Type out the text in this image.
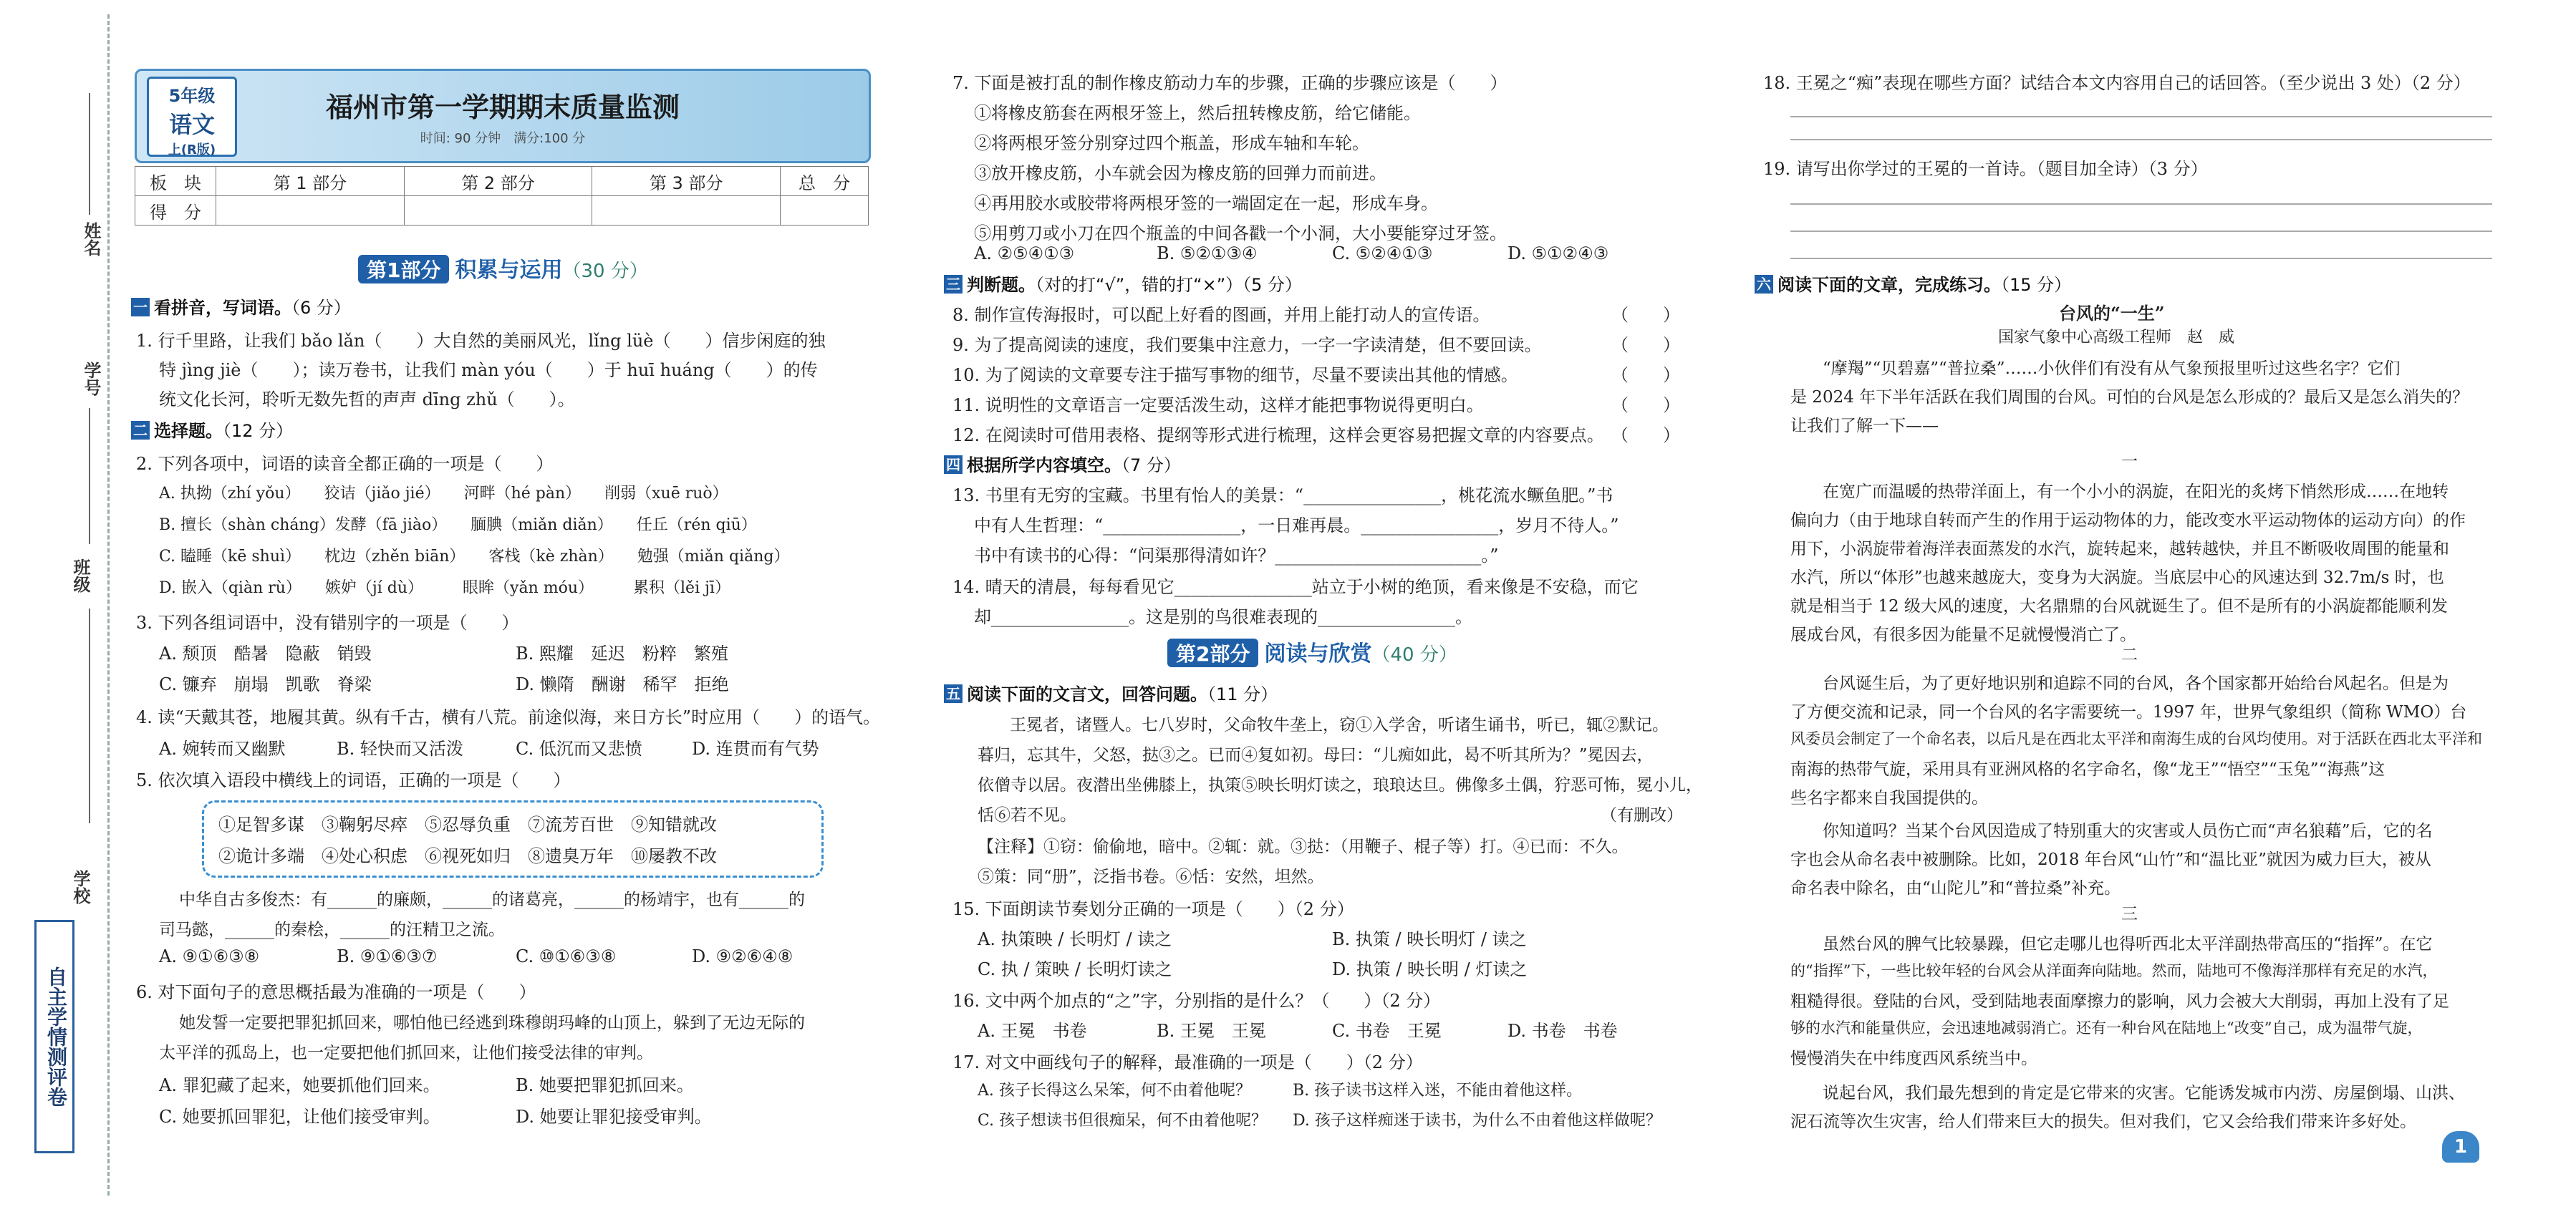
姓名
学号
班级
学校
自主学情测评卷
5年级
语文
上(R版)
福州市第一学期期末质量监测
时间: 90 分钟　满分:100 分
板　块	第 1 部分	第 2 部分	第 3 部分	总　分
得　分				
第1部分 积累与运用（30 分）
一 看拼音，写词语。（6 分）
1. 行千里路，让我们 bǎo lǎn（　　）大自然的美丽风光，lǐng lüè（　　）信步闲庭的独
特 jìng jiè（　　）；读万卷书，让我们 màn yóu（　　）于 huī huáng（　　）的传
统文化长河，聆听无数先哲的声声 dīng zhǔ（　　）。
二 选择题。（12 分）
2. 下列各项中，词语的读音全都正确的一项是（　　）
A. 执拗（zhí yǒu）　　狡诘（jiǎo jié）　　河畔（hé pàn）　　削弱（xuē ruò）
B. 擅长（shàn cháng）发酵（fā jiào）　　腼腆（miǎn diǎn）　　任丘（rén qiū）
C. 瞌睡（kē shuì）　　枕边（zhěn biān）　　客栈（kè zhàn）　　勉强（miǎn qiǎng）
D. 嵌入（qiàn rù）　　嫉妒（jí dù）　　　眼眸（yǎn móu）　　　累积（lěi jī）
3. 下列各组词语中，没有错别字的一项是（　　）
A. 颓顶　酷暑　隐蔽　销毁	B. 熙耀　延迟　粉粹　繁殖
C. 镰弃　崩塌　凯歌　脊梁	D. 懒隋　酬谢　稀罕　拒绝
4. 读“天戴其苍，地履其黄。纵有千古，横有八荒。前途似海，来日方长”时应用（　　）的语气。
A. 婉转而又幽默	B. 轻快而又活泼	C. 低沉而又悲愤	D. 连贯而有气势
5. 依次填入语段中横线上的词语，正确的一项是（　　）
①足智多谋　③鞠躬尽瘁　⑤忍辱负重　⑦流芳百世　⑨知错就改
②诡计多端　④处心积虑　⑥视死如归　⑧遗臭万年　⑩屡教不改
中华自古多俊杰：有______的廉颇，______的诸葛亮，______的杨靖宇，也有______的
司马懿，______的秦桧，______的汪精卫之流。
A. ⑨①⑥③⑧	B. ⑨①⑥③⑦	C. ⑩①⑥③⑧	D. ⑨②⑥④⑧
6. 对下面句子的意思概括最为准确的一项是（　　）
她发誓一定要把罪犯抓回来，哪怕他已经逃到珠穆朗玛峰的山顶上，躲到了无边无际的
太平洋的孤岛上，也一定要把他们抓回来，让他们接受法律的审判。
A. 罪犯藏了起来，她要抓他们回来。	B. 她要把罪犯抓回来。
C. 她要抓回罪犯，让他们接受审判。	D. 她要让罪犯接受审判。
7. 下面是被打乱的制作橡皮筋动力车的步骤，正确的步骤应该是（　　）
①将橡皮筋套在两根牙签上，然后扭转橡皮筋，给它储能。
②将两根牙签分别穿过四个瓶盖，形成车轴和车轮。
③放开橡皮筋，小车就会因为橡皮筋的回弹力而前进。
④再用胶水或胶带将两根牙签的一端固定在一起，形成车身。
⑤用剪刀或小刀在四个瓶盖的中间各戳一个小洞，大小要能穿过牙签。
A. ②⑤④①③	B. ⑤②①③④	C. ⑤②④①③	D. ⑤①②④③
三 判断题。（对的打“√”，错的打“×”）（5 分）
8. 制作宣传海报时，可以配上好看的图画，并用上能打动人的宣传语。	（　　）
9. 为了提高阅读的速度，我们要集中注意力，一字一字读清楚，但不要回读。	（　　）
10. 为了阅读的文章要专注于描写事物的细节，尽量不要读出其他的情感。	（　　）
11. 说明性的文章语言一定要活泼生动，这样才能把事物说得更明白。	（　　）
12. 在阅读时可借用表格、提纲等形式进行梳理，这样会更容易把握文章的内容要点。 （　　）
四 根据所学内容填空。（7 分）
13. 书里有无穷的宝藏。书里有怡人的美景：“________________，桃花流水鳜鱼肥。”书
中有人生哲理：“________________，一日难再晨。________________，岁月不待人。”
书中有读书的心得：“问渠那得清如许？________________________。”
14. 晴天的清晨，每每看见它________________站立于小树的绝顶，看来像是不安稳，而它
却________________。这是别的鸟很难表现的________________。
第2部分 阅读与欣赏（40 分）
五 阅读下面的文言文，回答问题。（11 分）
王冕者，诸暨人。七八岁时，父命牧牛垄上，窃①入学舍，听诸生诵书，听已，辄②默记。
暮归，忘其牛，父怒，挞③之。已而④复如初。母曰：“儿痴如此，曷不听其所为？”冕因去，
依僧寺以居。夜潜出坐佛膝上，执策⑤映长明灯读之，琅琅达旦。佛像多土偶，狞恶可怖，冕小儿，
恬⑥若不见。	（有删改）
【注释】①窃：偷偷地，暗中。②辄：就。③挞：（用鞭子、棍子等）打。④已而：不久。
⑤策：同“册”，泛指书卷。⑥恬：安然，坦然。
15. 下面朗读节奏划分正确的一项是（　　）（2 分）
A. 执策映 / 长明灯 / 读之	B. 执策 / 映长明灯 / 读之
C. 执 / 策映 / 长明灯读之	D. 执策 / 映长明 / 灯读之
16. 文中两个加点的“之”字，分别指的是什么？（　　）（2 分）
A. 王冕　书卷	B. 王冕　王冕	C. 书卷　王冕	D. 书卷　书卷
17. 对文中画线句子的解释，最准确的一项是（　　）（2 分）
A. 孩子长得这么呆笨，何不由着他呢？	B. 孩子读书这样入迷，不能由着他这样。
C. 孩子想读书但很痴呆，何不由着他呢？ D. 孩子这样痴迷于读书，为什么不由着他这样做呢？
18. 王冕之“痴”表现在哪些方面？试结合本文内容用自己的话回答。（至少说出 3 处）（2 分）
19. 请写出你学过的王冕的一首诗。（题目加全诗）（3 分）
六 阅读下面的文章，完成练习。（15 分）
台风的“一生”
国家气象中心高级工程师　赵　威
“摩羯”“贝碧嘉”“普拉桑”……小伙伴们有没有从气象预报里听过这些名字？它们
是 2024 年下半年活跃在我们周围的台风。可怕的台风是怎么形成的？最后又是怎么消失的？
让我们了解一下——
一
在宽广而温暖的热带洋面上，有一个小小的涡旋，在阳光的炙烤下悄然形成……在地转
偏向力（由于地球自转而产生的作用于运动物体的力，能改变水平运动物体的运动方向）的作
用下，小涡旋带着海洋表面蒸发的水汽，旋转起来，越转越快，并且不断吸收周围的能量和
水汽，所以“体形”也越来越庞大，变身为大涡旋。当底层中心的风速达到 32.7m/s 时，也
就是相当于 12 级大风的速度，大名鼎鼎的台风就诞生了。但不是所有的小涡旋都能顺利发
展成台风，有很多因为能量不足就慢慢消亡了。
二
台风诞生后，为了更好地识别和追踪不同的台风，各个国家都开始给台风起名。但是为
了方便交流和记录，同一个台风的名字需要统一。1997 年，世界气象组织（简称 WMO）台
风委员会制定了一个命名表，以后凡是在西北太平洋和南海生成的台风均使用。对于活跃在西北太平洋和
南海的热带气旋，采用具有亚洲风格的名字命名，像“龙王”“悟空”“玉兔”“海燕”这
些名字都来自我国提供的。
你知道吗？当某个台风因造成了特别重大的灾害或人员伤亡而“声名狼藉”后，它的名
字也会从命名表中被删除。比如，2018 年台风“山竹”和“温比亚”就因为威力巨大，被从
命名表中除名，由“山陀儿”和“普拉桑”补充。
三
虽然台风的脾气比较暴躁，但它走哪儿也得听西北太平洋副热带高压的“指挥”。在它
的“指挥”下，一些比较年轻的台风会从洋面奔向陆地。然而，陆地可不像海洋那样有充足的水汽，
粗糙得很。登陆的台风，受到陆地表面摩擦力的影响，风力会被大大削弱，再加上没有了足
够的水汽和能量供应，会迅速地减弱消亡。还有一种台风在陆地上“改变”自己，成为温带气旋，
慢慢消失在中纬度西风系统当中。
说起台风，我们最先想到的肯定是它带来的灾害。它能诱发城市内涝、房屋倒塌、山洪、
泥石流等次生灾害，给人们带来巨大的损失。但对我们，它又会给我们带来许多好处。
1
